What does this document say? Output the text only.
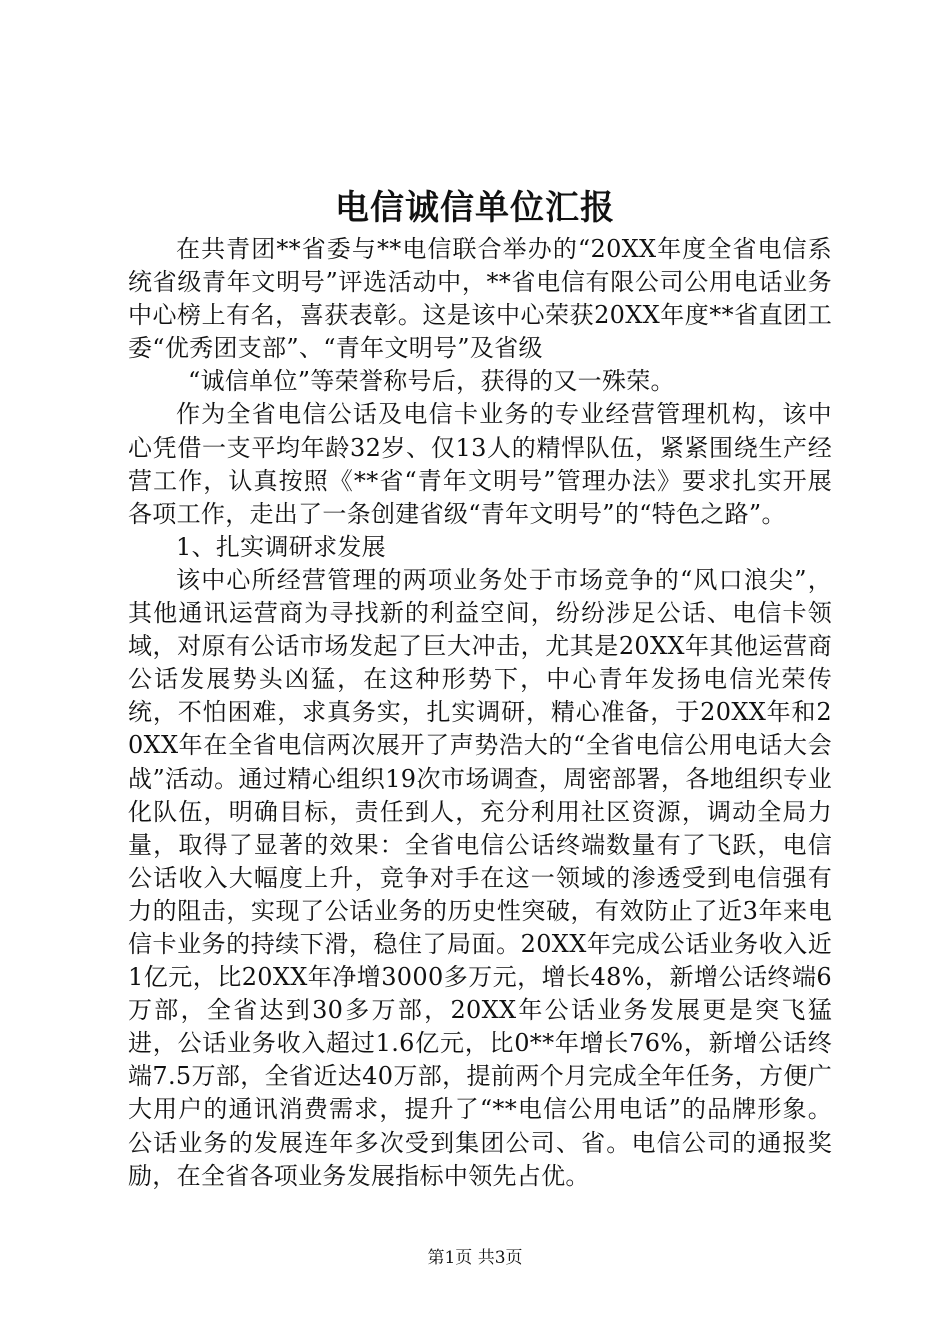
电信诚信单位汇报

在共青团**省委与**电信联合举办的“20XX年度全省电信系统省级青年文明号”评选活动中，**省电信有限公司公用电话业务中心榜上有名，喜获表彰。这是该中心荣获20XX年度**省直团工委“优秀团支部”、“青年文明号”及省级

“诚信单位”等荣誉称号后，获得的又一殊荣。

作为全省电信公话及电信卡业务的专业经营管理机构，该中心凭借一支平均年龄32岁、仅13人的精悍队伍，紧紧围绕生产经营工作，认真按照《**省“青年文明号”管理办法》要求扎实开展各项工作，走出了一条创建省级“青年文明号”的“特色之路”。

1、扎实调研求发展

该中心所经营管理的两项业务处于市场竞争的“风口浪尖”，其他通讯运营商为寻找新的利益空间，纷纷涉足公话、电信卡领域，对原有公话市场发起了巨大冲击，尤其是20XX年其他运营商公话发展势头凶猛，在这种形势下，中心青年发扬电信光荣传统，不怕困难，求真务实，扎实调研，精心准备，于20XX年和20XX年在全省电信两次展开了声势浩大的“全省电信公用电话大会战”活动。通过精心组织19次市场调查，周密部署，各地组织专业化队伍，明确目标，责任到人，充分利用社区资源，调动全局力量，取得了显著的效果：全省电信公话终端数量有了飞跃，电信公话收入大幅度上升，竞争对手在这一领域的渗透受到电信强有力的阻击，实现了公话业务的历史性突破，有效防止了近3年来电信卡业务的持续下滑，稳住了局面。20XX年完成公话业务收入近1亿元，比20XX年净增3000多万元，增长48%，新增公话终端6万部，全省达到30多万部，20XX年公话业务发展更是突飞猛进，公话业务收入超过1.6亿元，比0**年增长76%，新增公话终端7.5万部，全省近达40万部，提前两个月完成全年任务，方便广大用户的通讯消费需求，提升了“**电信公用电话”的品牌形象。公话业务的发展连年多次受到集团公司、省。电信公司的通报奖励，在全省各项业务发展指标中领先占优。

第1页 共3页
